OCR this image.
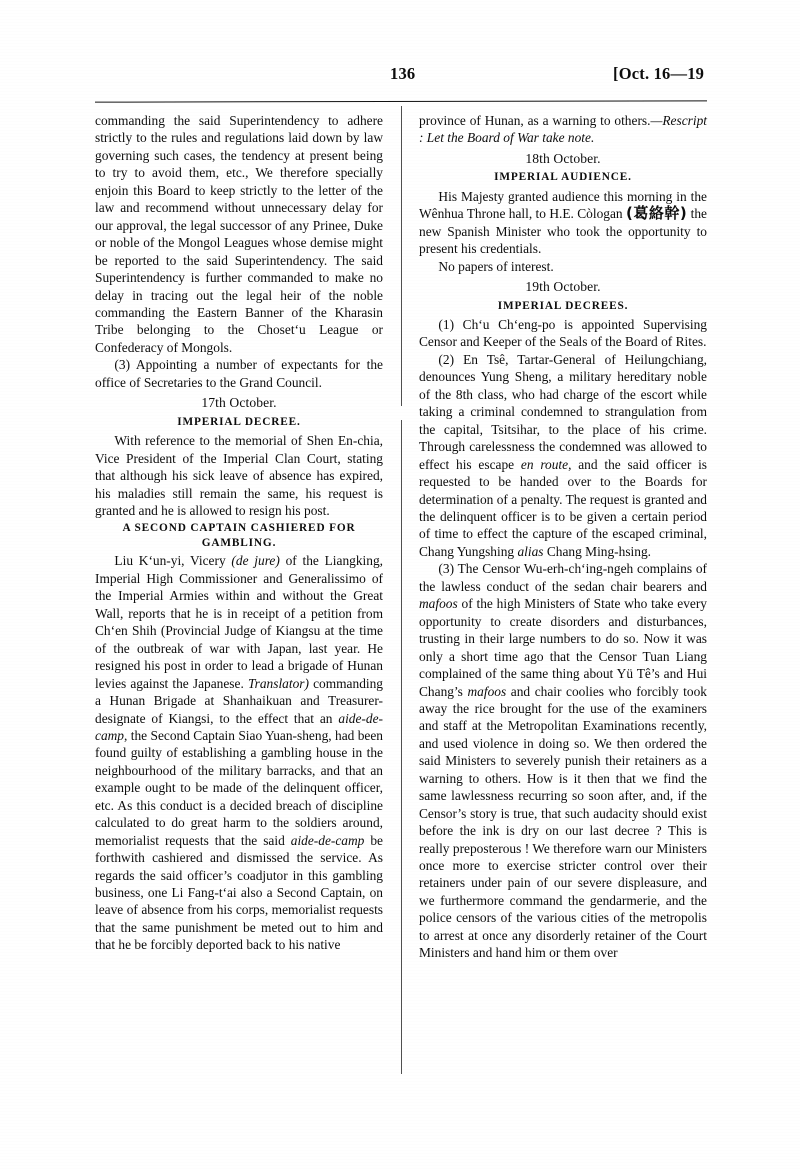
136	[Oct. 16—19

commanding the said Superintendency to adhere strictly to the rules and regulations laid down by law governing such cases, the tendency at present being to try to avoid them, etc., We therefore specially enjoin this Board to keep strictly to the letter of the law and recommend without unnecessary delay for our approval, the legal successor of any Prinee, Duke or noble of the Mongol Leagues whose demise might be reported to the said Superintendency. The said Superintendency is further commanded to make no delay in tracing out the legal heir of the noble commanding the Eastern Banner of the Kharasin Tribe belonging to the Choset‘u League or Confederacy of Mongols.

(3) Appointing a number of expectants for the office of Secretaries to the Grand Council.

17th October.

IMPERIAL DECREE.

With reference to the memorial of Shen En-chia, Vice President of the Imperial Clan Court, stating that although his sick leave of absence has expired, his maladies still remain the same, his request is granted and he is allowed to resign his post.

A SECOND CAPTAIN CASHIERED FOR
GAMBLING.

Liu K‘un-yi, Vicery (de jure) of the Liangking, Imperial High Commissioner and Generalissimo of the Imperial Armies within and without the Great Wall, reports that he is in receipt of a petition from Ch‘en Shih (Provincial Judge of Kiangsu at the time of the outbreak of war with Japan, last year. He resigned his post in order to lead a brigade of Hunan levies against the Japanese. Translator) commanding a Hunan Brigade at Shanhaikuan and Treasurer-designate of Kiangsi, to the effect that an aide-de-camp, the Second Captain Siao Yuan-sheng, had been found guilty of establishing a gambling house in the neighbourhood of the military barracks, and that an example ought to be made of the delinquent officer, etc. As this conduct is a decided breach of discipline calculated to do great harm to the soldiers around, memorialist requests that the said aide-de-camp be forthwith cashiered and dismissed the service. As regards the said officer’s coadjutor in this gambling business, one Li Fang-t‘ai also a Second Captain, on leave of absence from his corps, memorialist requests that the same punishment be meted out to him and that he be forcibly deported back to his native

province of Hunan, as a warning to others.—Rescript : Let the Board of War take note.

18th October.

IMPERIAL AUDIENCE.

His Majesty granted audience this morning in the Wênhua Throne hall, to H.E. Còlogan (葛絡幹) the new Spanish Minister who took the opportunity to present his credentials.

No papers of interest.

19th October.

IMPERIAL DECREES.

(1) Ch‘u Ch‘eng-po is appointed Supervising Censor and Keeper of the Seals of the Board of Rites.

(2) En Tsê, Tartar-General of Heilungchiang, denounces Yung Sheng, a military hereditary noble of the 8th class, who had charge of the escort while taking a criminal condemned to strangulation from the capital, Tsitsihar, to the place of his crime. Through carelessness the condemned was allowed to effect his escape en route, and the said officer is requested to be handed over to the Boards for determination of a penalty. The request is granted and the delinquent officer is to be given a certain period of time to effect the capture of the escaped criminal, Chang Yungshing alias Chang Ming-hsing.

(3) The Censor Wu-erh-ch‘ing-ngeh complains of the lawless conduct of the sedan chair bearers and mafoos of the high Ministers of State who take every opportunity to create disorders and disturbances, trusting in their large numbers to do so. Now it was only a short time ago that the Censor Tuan Liang complained of the same thing about Yü Tê’s and Hui Chang’s mafoos and chair coolies who forcibly took away the rice brought for the use of the examiners and staff at the Metropolitan Examinations recently, and used violence in doing so. We then ordered the said Ministers to severely punish their retainers as a warning to others. How is it then that we find the same lawlessness recurring so soon after, and, if the Censor’s story is true, that such audacity should exist before the ink is dry on our last decree ? This is really preposterous ! We therefore warn our Ministers once more to exercise stricter control over their retainers under pain of our severe displeasure, and we furthermore command the gendarmerie, and the police censors of the various cities of the metropolis to arrest at once any disorderly retainer of the Court Ministers and hand him or them over
